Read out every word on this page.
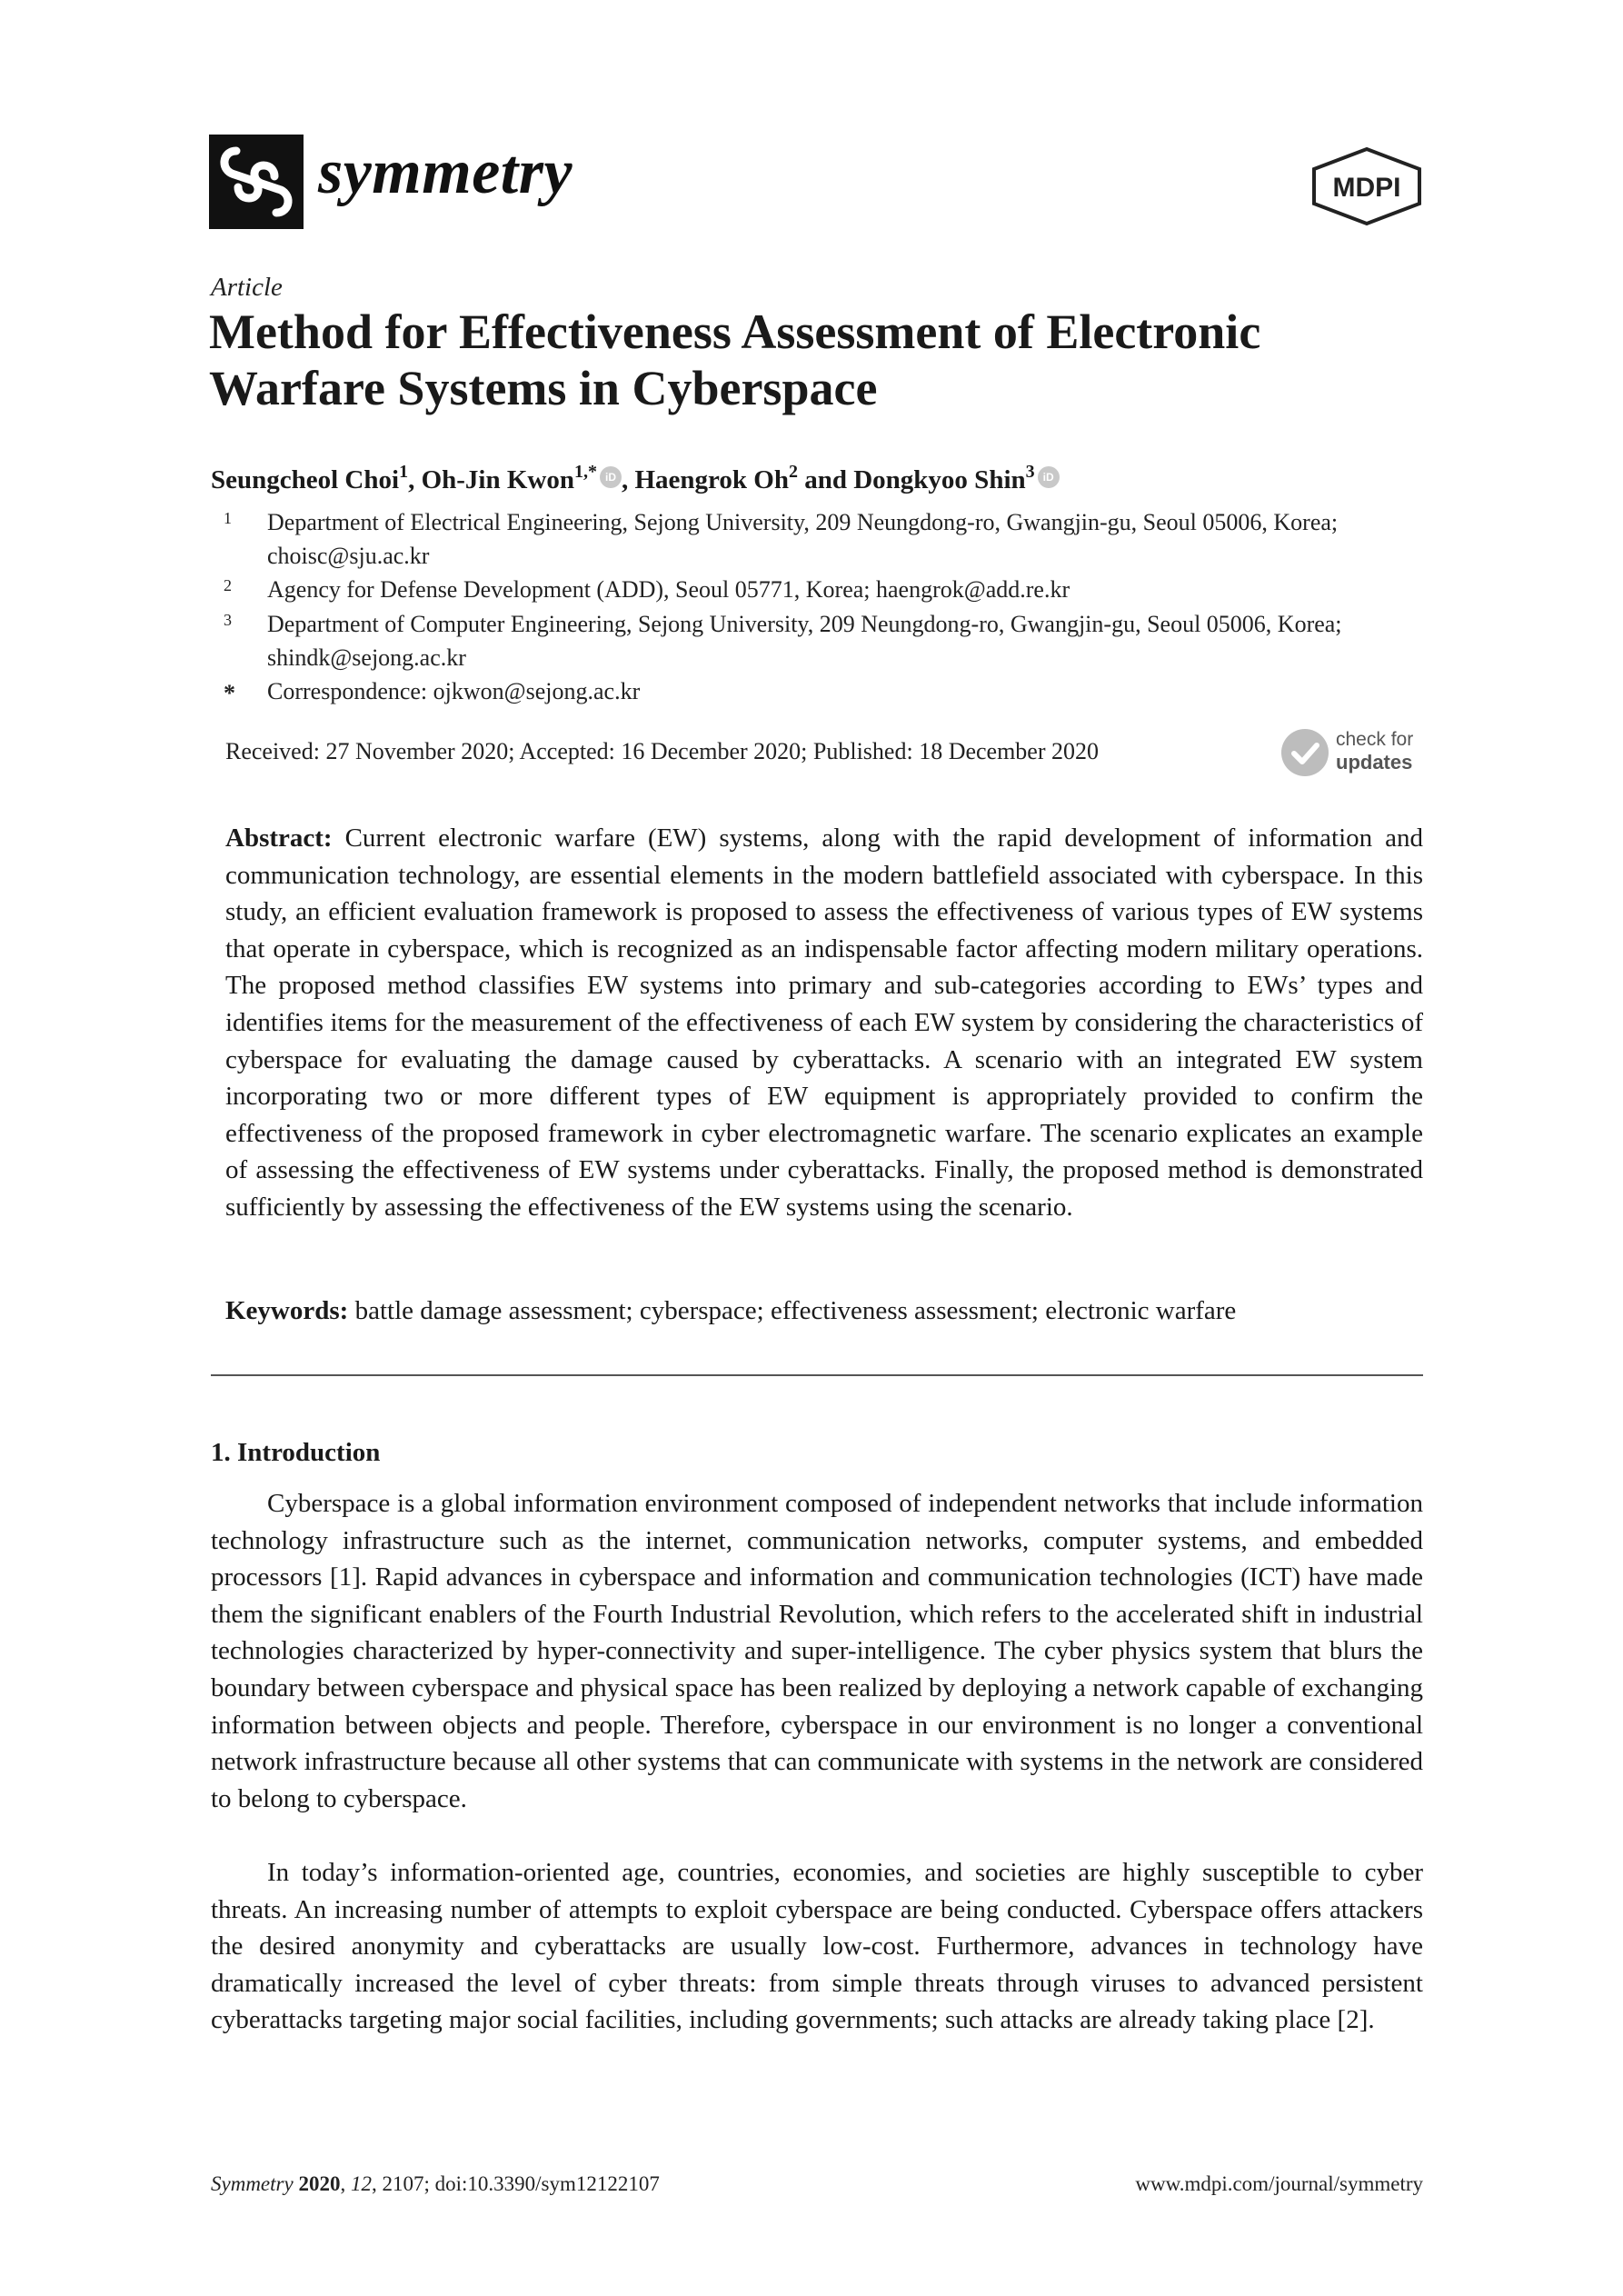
symmetry	MDPI
Article
Method for Effectiveness Assessment of Electronic Warfare Systems in Cyberspace
Seungcheol Choi$^1$, Oh-Jin Kwon$^{1,*}$ iD , Haengrok Oh$^2$ and Dongkyoo Shin$^3$ iD
1 Department of Electrical Engineering, Sejong University, 209 Neungdong-ro, Gwangjin-gu, Seoul 05006, Korea; choisc@sju.ac.kr
2 Agency for Defense Development (ADD), Seoul 05771, Korea; haengrok@add.re.kr
3 Department of Computer Engineering, Sejong University, 209 Neungdong-ro, Gwangjin-gu, Seoul 05006, Korea; shindk@sejong.ac.kr
* Correspondence: ojkwon@sejong.ac.kr
Received: 27 November 2020; Accepted: 16 December 2020; Published: 18 December 2020	check for
updates
Abstract: Current electronic warfare (EW) systems, along with the rapid development of information and communication technology, are essential elements in the modern battlefield associated with cyberspace. In this study, an efficient evaluation framework is proposed to assess the effectiveness of various types of EW systems that operate in cyberspace, which is recognized as an indispensable factor affecting modern military operations. The proposed method classifies EW systems into primary and sub-categories according to EWs’ types and identifies items for the measurement of the effectiveness of each EW system by considering the characteristics of cyberspace for evaluating the damage caused by cyberattacks. A scenario with an integrated EW system incorporating two or more different types of EW equipment is appropriately provided to confirm the effectiveness of the proposed framework in cyber electromagnetic warfare. The scenario explicates an example of assessing the effectiveness of EW systems under cyberattacks. Finally, the proposed method is demonstrated sufficiently by assessing the effectiveness of the EW systems using the scenario.
Keywords: battle damage assessment; cyberspace; effectiveness assessment; electronic warfare
1. Introduction
Cyberspace is a global information environment composed of independent networks that include information technology infrastructure such as the internet, communication networks, computer systems, and embedded processors [1]. Rapid advances in cyberspace and information and communication technologies (ICT) have made them the significant enablers of the Fourth Industrial Revolution, which refers to the accelerated shift in industrial technologies characterized by hyper-connectivity and super-intelligence. The cyber physics system that blurs the boundary between cyberspace and physical space has been realized by deploying a network capable of exchanging information between objects and people. Therefore, cyberspace in our environment is no longer a conventional network infrastructure because all other systems that can communicate with systems in the network are considered to belong to cyberspace.
In today’s information-oriented age, countries, economies, and societies are highly susceptible to cyber threats. An increasing number of attempts to exploit cyberspace are being conducted. Cyberspace offers attackers the desired anonymity and cyberattacks are usually low-cost. Furthermore, advances in technology have dramatically increased the level of cyber threats: from simple threats through viruses to advanced persistent cyberattacks targeting major social facilities, including governments; such attacks are already taking place [2].
Symmetry 2020, 12, 2107; doi:10.3390/sym12122107	www.mdpi.com/journal/symmetry
